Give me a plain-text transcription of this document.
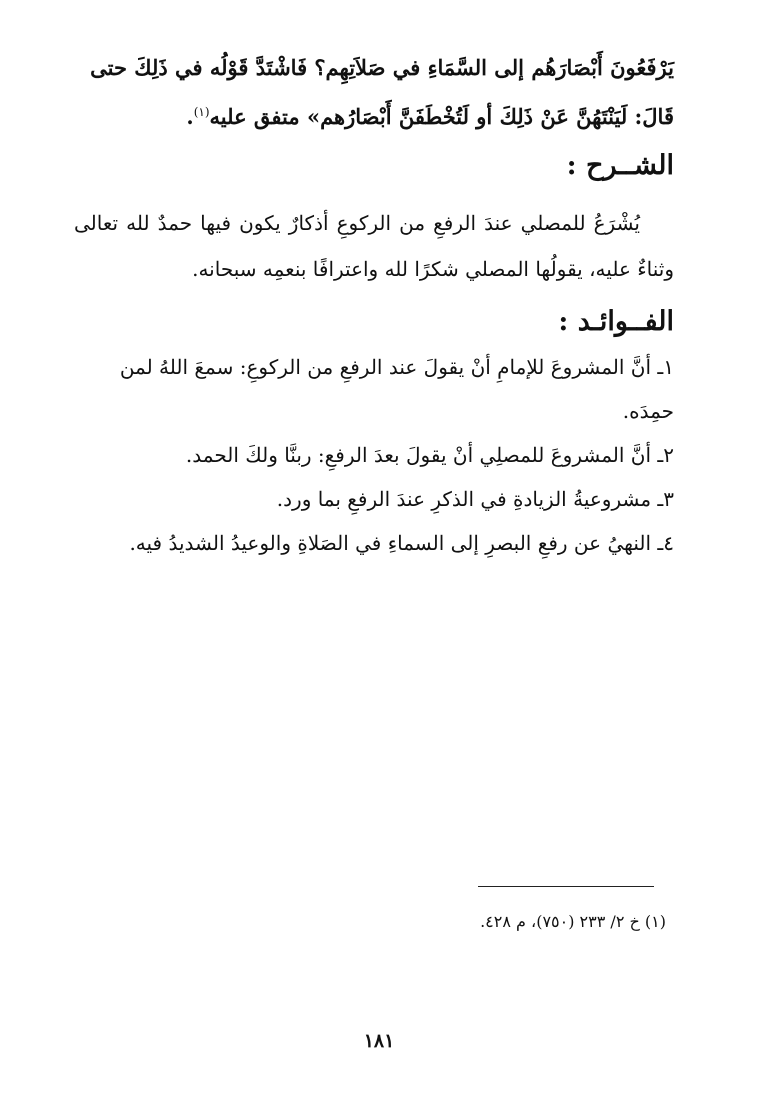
يَرْفَعُونَ أَبْصَارَهُم إلى السَّمَاءِ في صَلاَتِهِم؟ فَاشْتَدَّ قَوْلُه في ذَلِكَ حتى قَالَ: لَيَنْتَهُنَّ عَنْ ذَلِكَ أو لَتُخْطَفَنَّ أَبْصَارُهم» متفق عليه$^{(١)}$.
الشــرح :
يُشْرَعُ للمصلي عندَ الرفعِ من الركوعِ أذكارٌ يكون فيها حمدٌ لله تعالى وثناءٌ عليه، يقولُها المصلي شكرًا لله واعترافًا بنعمِه سبحانه.
الفــوائـد :

١ـ أنَّ المشروعَ للإمامِ أنْ يقولَ عند الرفعِ من الركوعِ: سمعَ اللهُ لمن حمِدَه.

٢ـ أنَّ المشروعَ للمصلِي أنْ يقولَ بعدَ الرفعِ: ربنَّا ولكَ الحمد.

٣ـ مشروعيةُ الزيادةِ في الذكرِ عندَ الرفعِ بما ورد.

٤ـ النهيُ عن رفعِ البصرِ إلى السماءِ في الصَلاةِ والوعيدُ الشديدُ فيه.

(١) خ ٢/ ٢٣٣ (٧٥٠)، م ٤٢٨.
١٨١
